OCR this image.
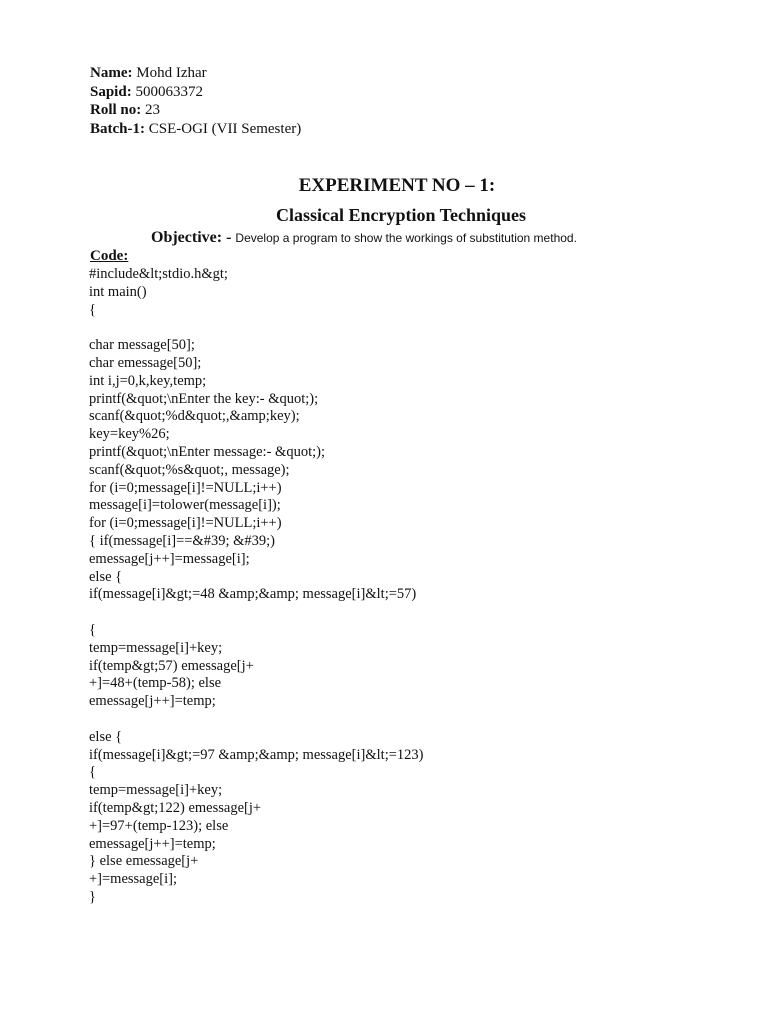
Name: Mohd Izhar
Sapid: 500063372
Roll no: 23
Batch-1: CSE-OGI (VII Semester)
EXPERIMENT NO – 1:
Classical Encryption Techniques
Objective: - Develop a program to show the workings of substitution method.
Code:
#include&lt;stdio.h&gt;
int main()
{
char message[50];
char emessage[50];
int i,j=0,k,key,temp;
printf(&quot;\nEnter the key:- &quot;);
scanf(&quot;%d&quot;,&amp;key);
key=key%26;
printf(&quot;\nEnter message:- &quot;);
scanf(&quot;%s&quot;, message);
for (i=0;message[i]!=NULL;i++)
message[i]=tolower(message[i]);
for (i=0;message[i]!=NULL;i++)
{ if(message[i]==&#39; &#39;)
emessage[j++]=message[i];
else {
if(message[i]&gt;=48 &amp;&amp; message[i]&lt;=57)
{
temp=message[i]+key;
if(temp&gt;57) emessage[j+
+]=48+(temp-58); else
emessage[j++]=temp;
else {
if(message[i]&gt;=97 &amp;&amp; message[i]&lt;=123)
{
temp=message[i]+key;
if(temp&gt;122) emessage[j+
+]=97+(temp-123); else
emessage[j++]=temp;
} else emessage[j+
+]=message[i];
}
